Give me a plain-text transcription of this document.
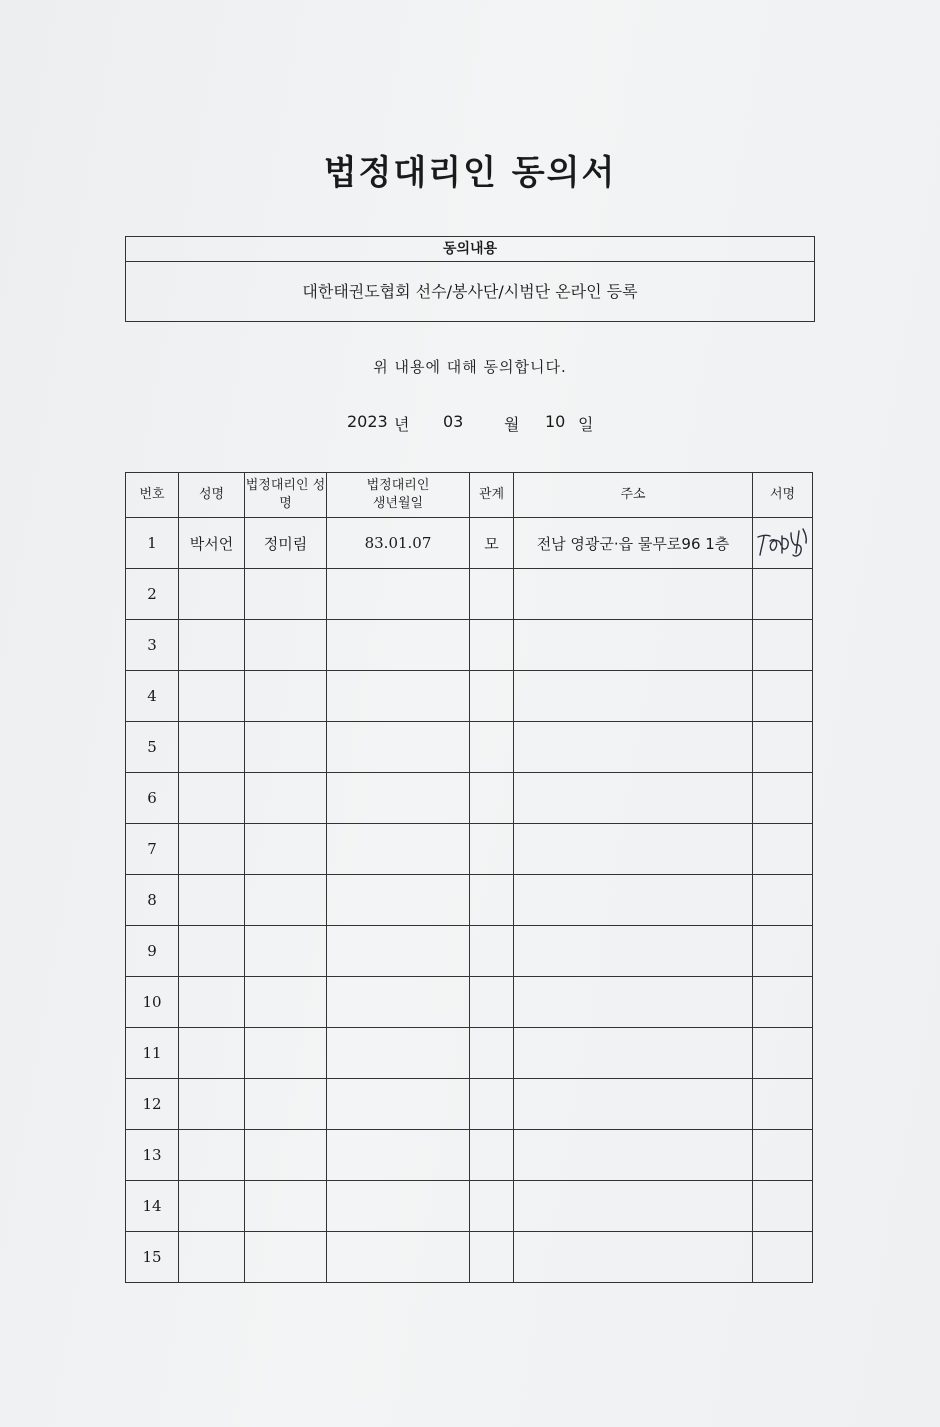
법정대리인 동의서
동의내용
대한태권도협회 선수/봉사단/시범단 온라인 등록
위 내용에 대해 동의합니다.
2023 년 03	월 10 일
번호	성명	법정대리인 성명	법정대리인 생년월일	관계	주소	서명
1	박서언	정미림	83.01.07	모	전남 영광군·읍 물무로96 1층	

2						
3						
4						
5						
6						
7						
8						
9						
10						
11						
12						
13						
14						
15						
